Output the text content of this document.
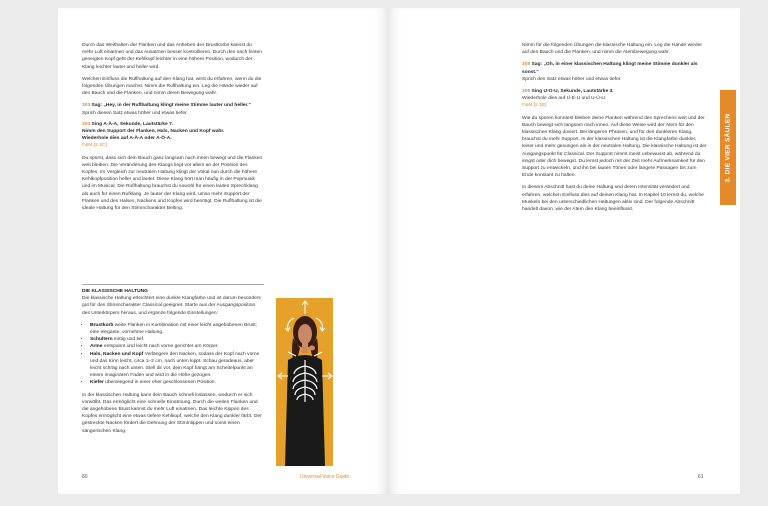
Durch das Weithalten der Flanken und das Anheben des Brustkorbs kannst du mehr Luft einatmen und das Ausatmen besser kontrollieren. Durch den nach hinten geneigten Kopf geht der Kehlkopf leichter in eine höhere Position, wodurch der Klang leichter lauter und heller wird.

Welchen Einfluss die Ruflhaltung auf den Klang hat, wirst du erfahren, wenn du die folgenden Übungen machst. Nimm die Ruflhaltung ein. Leg die Hände wieder auf den Bauch und die Flanken, und nimm deren Bewegung wahr.

303 Sag: „Hey, in der Ruflhaltung klingt meine Stimme lauter und heller."
Sprich diesen Satz etwas höher und etwas tiefer.

304 Sing A-Ä-A, Sekunde, Lautstärke 7.
Nimm den Support der Flanken, Hals, Nacken und Kopf wahr.
Wiederhole dies auf A-Ä-A oder A-Ö-A.
F&M [2.2C]

Du spürst, dass sich dein Bauch ganz langsam nach innen bewegt und die Flanken weit bleiben. Die Veränderung des Klangs liegt vor allem an der Position des Kopfes. Im Vergleich zur neutralen Haltung klingt der Vokal nun durch die höhere Kehlkopfposition heller und lauter. Diese Klang hört man häufig in der Popmusik und im Musical. Die Ruflhaltung brauchst du sowohl für einen lauten Sprechklang als auch für einen Rufklang. Je lauter der Klang wird, umso mehr Support der Flanken und des Halses, Nackens und Kopfes wird benötigt. Die Ruflhaltung ist die ideale Haltung für den Stimmcharakter Belting.

DIE KLASSISCHE HALTUNG

Die klassische Haltung erleichtert eine dunkle Klangfarbe und ist darum besonders gut für den Stimmcharakter Classical geeignet. Starte aus der Ausgangsposition des Unterkörpers heraus, und ergänze folgende Einstellungen:

• Brustkorb weite Flanken in Kombination mit einer leicht angehobenen Brust; eine elegante, vornehme Haltung.
• Schultern mittig und tief.
• Arme entspannt und leicht nach vorne gerichtet am Körper.
• Hals, Nacken und Kopf Verlängere den Nacken, sodass der Kopf nach vorne und das Kinn leicht, circa 1–2 cm, nach unten kippt. Schau geradeaus, aber leicht schräg nach unten. Stell dir vor, dein Kopf hängt am Scheitelpunkt an einem imaginären Faden und wird in die Höhe gezogen.
• Kiefer überwiegend in einer eher geschlossenen Position.

In der klassischen Haltung kann dein Bauch schnell loslassen, wodurch er sich vorwölbt. Das ermöglicht eine schnelle Einatmung. Durch die weiten Flanken und die angehobene Brust kannst du mehr Luft einatmen. Das leichte Kippen des Kopfes ermöglicht eine etwas tiefere Kehlkopf, welche den Klang dunkler färbt. Der gestreckte Nacken fördert die Dehnung der Stimmlippen und somit einen sängerischen Klang.

60	Universal Voice Guide

Nimm für die folgenden Übungen die klassische Haltung ein. Leg die Hände wieder auf den Bauch und die Flanken, und nimm die Atembewegung wahr.

305 Sag: „Oh, in einer klassischen Haltung klingt meine Stimme dunkler als sonst."
Sprich den Satz etwas höher und etwas tiefer.

306 Sing U-O-U, Sekunde, Lautstärke 3.
Wiederhole dies auf U-E-U und U-Ü-U.
F&M [2.2E]

Wie du spüren konntest bleiben deine Flanken während des Sprechens weit und der Bauch bewegt sich langsam nach innen. Auf diese Weise wird der Atem für den klassischen Klang dosiert. Bei längeren Phrasen, und für den dunkleren Klang, brauchst du mehr Support. In der klassischen Haltung ist die Klangfarbe dunkler, leiser und mehr gesungen als in der neutralen Haltung. Die klassische Haltung ist der Ausgangspunkt für Classical. Der Support nimmt meist unbewusst ab, während du singst oder dich bewegst. Du lernst jedoch mit der Zeit mehr Aufmerksamkeit für den Support zu entwickeln, und ihn bei lauten Tönen oder längere Passagen bis zum Ende konstant zu halten.

In diesem Abschnitt hast du deine Haltung und deren Intensität verändert und erfahren, welchen Einfluss dies auf deinen Klang hat. In Kapitel 10 lernst du, welche Muskeln bei den unterschiedlichen Haltungen aktiv sind. Der folgende Abschnitt handelt davon, wie der Atem den Klang beeinflusst.

3. DIE VIER SÄULEN
61
